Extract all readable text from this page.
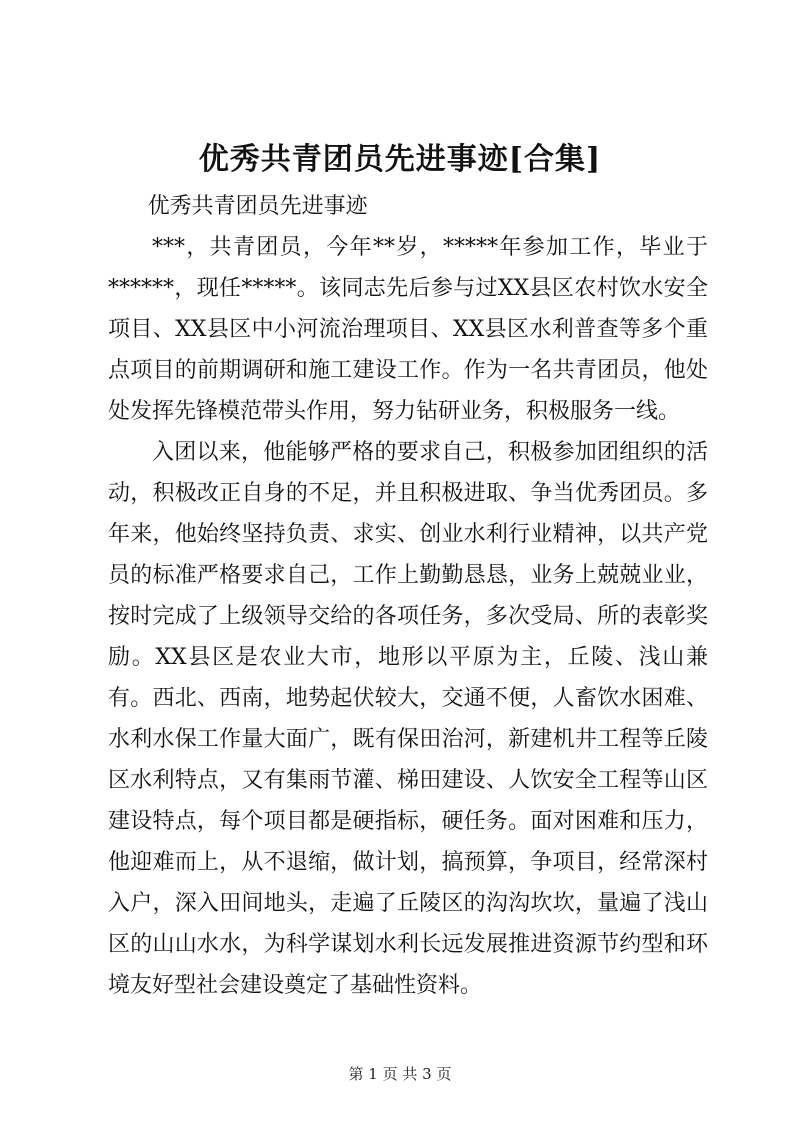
优秀共青团员先进事迹[合集]

优秀共青团员先进事迹

***，共青团员，今年**岁，*****年参加工作，毕业于******，现任*****。该同志先后参与过XX县区农村饮水安全项目、XX县区中小河流治理项目、XX县区水利普查等多个重点项目的前期调研和施工建设工作。作为一名共青团员，他处处发挥先锋模范带头作用，努力钻研业务，积极服务一线。

入团以来，他能够严格的要求自己，积极参加团组织的活动，积极改正自身的不足，并且积极进取、争当优秀团员。多年来，他始终坚持负责、求实、创业水利行业精神，以共产党员的标准严格要求自己，工作上勤勤恳恳，业务上兢兢业业，按时完成了上级领导交给的各项任务，多次受局、所的表彰奖励。XX县区是农业大市，地形以平原为主，丘陵、浅山兼有。西北、西南，地势起伏较大，交通不便，人畜饮水困难、水利水保工作量大面广，既有保田治河，新建机井工程等丘陵区水利特点，又有集雨节灌、梯田建设、人饮安全工程等山区建设特点，每个项目都是硬指标，硬任务。面对困难和压力，他迎难而上，从不退缩，做计划，搞预算，争项目，经常深村入户，深入田间地头，走遍了丘陵区的沟沟坎坎，量遍了浅山区的山山水水，为科学谋划水利长远发展推进资源节约型和环境友好型社会建设奠定了基础性资料。

第 1 页 共 3 页
